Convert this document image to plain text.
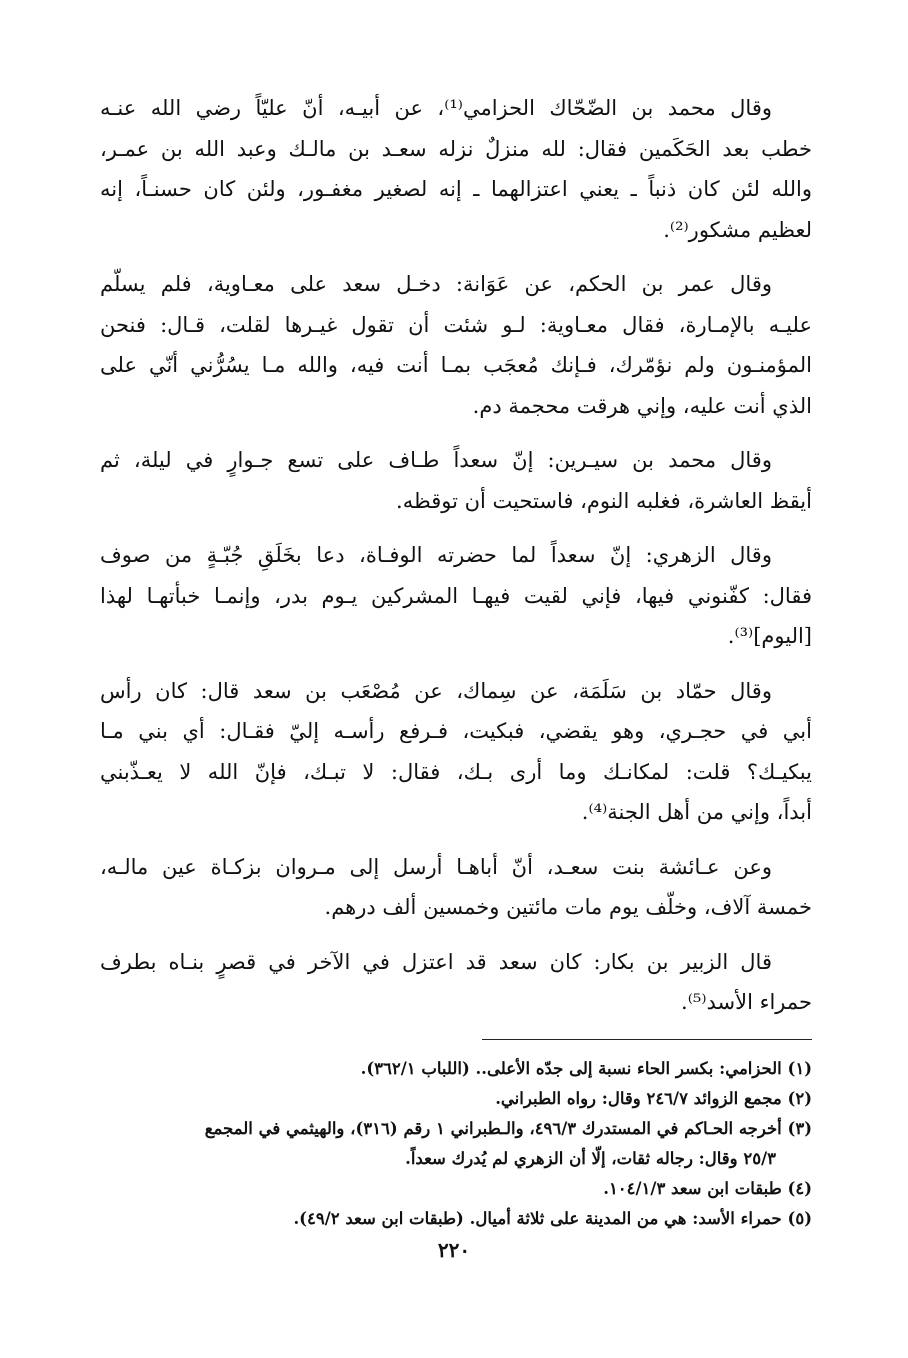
وقال محمد بن الضّحّاك الحزامي⁽¹⁾، عن أبيـه، أنّ عليّاً رضي الله عنـه
خطب بعد الحَكَمين فقال: لله منزلٌ نزله سعـد بن مالـك وعبد الله بن عمـر،
والله لئن كان ذنباً ـ يعني اعتزالهما ـ إنه لصغير مغفـور، ولئن كان حسنـاً، إنه
لعظيم مشكور⁽²⁾.
وقال عمر بن الحكم، عن عَوَانة: دخـل سعد على معـاوية، فلم يسلّم
عليـه بالإمـارة، فقال معـاوية: لـو شئت أن تقول غيـرها لقلت، قـال: فنحن
المؤمنـون ولم نؤمّرك، فـإنك مُعجَب بمـا أنت فيه، والله مـا يسُرُّني أنّي على
الذي أنت عليه، وإني هرقت محجمة دم.
وقال محمد بن سيـرين: إنّ سعداً طـاف على تسع جـوارٍ في ليلة، ثم
أيقظ العاشرة، فغلبه النوم، فاستحيت أن توقظه.
وقال الزهري: إنّ سعداً لما حضرته الوفـاة، دعا بخَلَقِ جُبّـةٍ من صوف
فقال: كفّنوني فيها، فإني لقيت فيهـا المشركين يـوم بدر، وإنمـا خبأتهـا لهذا
[اليوم]⁽³⁾.
وقال حمّاد بن سَلَمَة، عن سِماك، عن مُصْعَب بن سعد قال: كان رأس
أبي في حجـري، وهو يقضي، فبكيت، فـرفع رأسـه إليّ فقـال: أي بني مـا
يبكيـك؟ قلت: لمكانـك وما أرى بـك، فقال: لا تبـك، فإنّ الله لا يعـذّبني
أبداً، وإني من أهل الجنة⁽⁴⁾.
وعن عـائشة بنت سعـد، أنّ أباهـا أرسل إلى مـروان بزكـاة عين مالـه،
خمسة آلاف، وخلّف يوم مات مائتين وخمسين ألف درهم.
قال الزبير بن بكار: كان سعد قد اعتزل في الآخر في قصرٍ بنـاه بطرف
حمراء الأسد⁽⁵⁾.
(١) الحزامي: بكسر الحاء نسبة إلى جدّه الأعلى.. (اللباب ٣٦٢/١).
(٢) مجمع الزوائد ٢٤٦/٧ وقال: رواه الطبراني.
(٣) أخرجه الحـاكم في المستدرك ٤٩٦/٣، والـطبراني ١ رقم (٣١٦)، والهيثمي في المجمع
٢٥/٣ وقال: رجاله ثقات، إلّا أن الزهري لم يُدرك سعداً.
(٤) طبقات ابن سعد ١٠٤/١/٣.
(٥) حمراء الأسد: هي من المدينة على ثلاثة أميال. (طبقات ابن سعد ٤٩/٢).
٢٢٠
